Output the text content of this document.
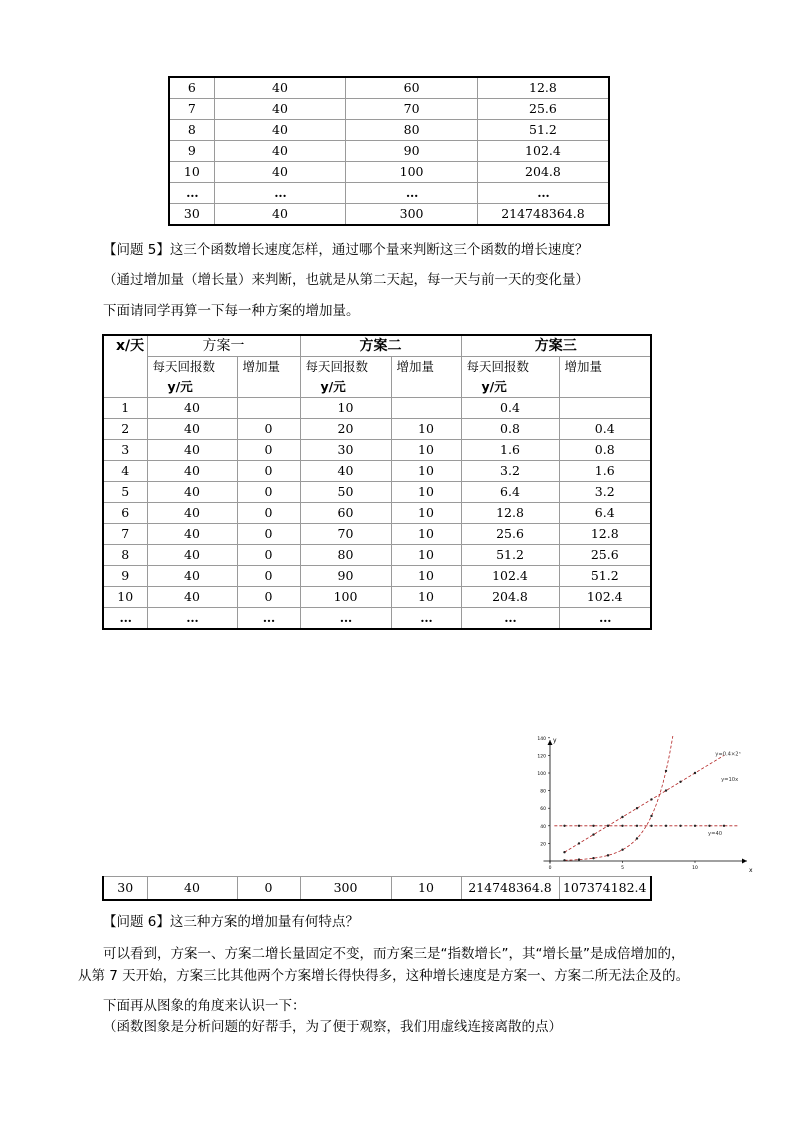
6	40	60	12.8
7	40	70	25.6
8	40	80	51.2
9	40	90	102.4
10	40	100	204.8
…	…	…	…
30	40	300	214748364.8
【问题 5】这三个函数增长速度怎样，通过哪个量来判断这三个函数的增长速度？
（通过增加量（增长量）来判断，也就是从第二天起，每一天与前一天的变化量）
下面请同学再算一下每一种方案的增加量。
x/天	方案一		方案二		方案三	
	每天回报数	增加量	每天回报数	增加量	每天回报数	增加量
	y/元		y/元		y/元	
1	40		10		0.4	
2	40	0	20	10	0.8	0.4
3	40	0	30	10	1.6	0.8
4	40	0	40	10	3.2	1.6
5	40	0	50	10	6.4	3.2
6	40	0	60	10	12.8	6.4
7	40	0	70	10	25.6	12.8
8	40	0	80	10	51.2	25.6
9	40	0	90	10	102.4	51.2
10	40	0	100	10	204.8	102.4
…	…	…	…	…	…	…
x
y
20
40
60
80
100
120
140
0	5	10
y=40
y=10x
y=0.4×2ˣ
30	40	0	300	10	214748364.8	107374182.4
【问题 6】这三种方案的增加量有何特点？
可以看到，方案一、方案二增长量固定不变，而方案三是“指数增长”，其“增长量”是成倍增加的，
从第 7 天开始，方案三比其他两个方案增长得快得多，这种增长速度是方案一、方案二所无法企及的。
下面再从图象的角度来认识一下：
（函数图象是分析问题的好帮手，为了便于观察，我们用虚线连接离散的点）
